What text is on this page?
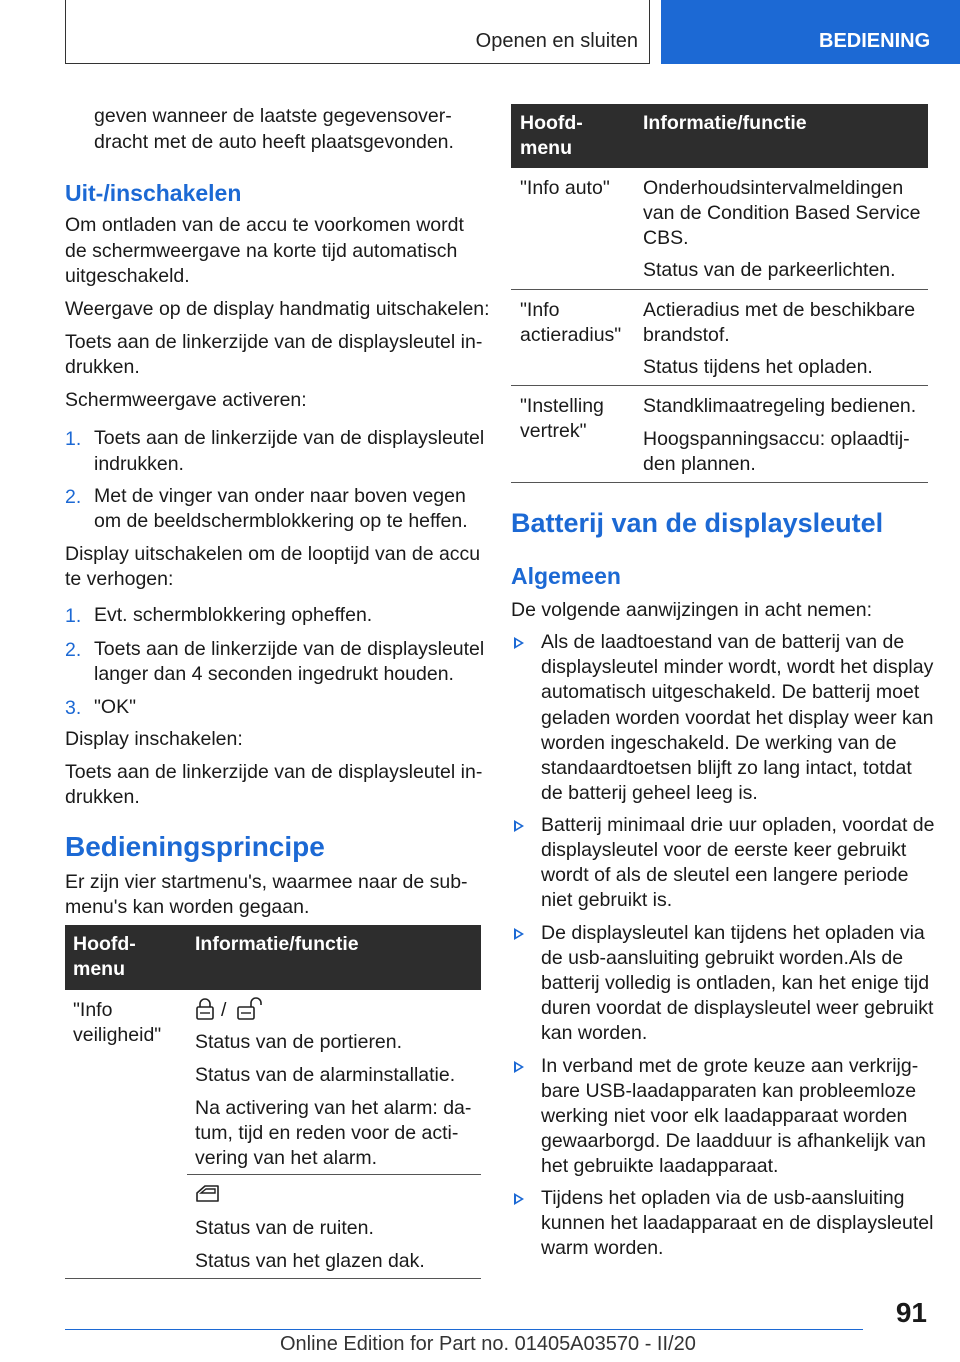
Openen en sluiten	BEDIENING
geven wanneer de laatste gegevensover-
dracht met de auto heeft plaatsgevonden.
Uit-/inschakelen
Om ontladen van de accu te voorkomen wordt
de schermweergave na korte tijd automatisch
uitgeschakeld.
Weergave op de display handmatig uitschakelen:
Toets aan de linkerzijde van de displaysleutel in-
drukken.
Schermweergave activeren:
1. Toets aan de linkerzijde van de displaysleutel
indrukken.
2. Met de vinger van onder naar boven vegen
om de beeldschermblokkering op te heffen.
Display uitschakelen om de looptijd van de accu
te verhogen:
1. Evt. schermblokkering opheffen.
2. Toets aan de linkerzijde van de displaysleutel
langer dan 4 seconden ingedrukt houden.
3. "OK"
Display inschakelen:
Toets aan de linkerzijde van de displaysleutel in-
drukken.
Bedieningsprincipe
Er zijn vier startmenu's, waarmee naar de sub-
menu's kan worden gegaan.
Hoofd-
menu
Informatie/functie
"Info
veiligheid"
/
Status van de portieren.
Status van de alarminstallatie.
Na activering van het alarm: da-
tum, tijd en reden voor de acti-
vering van het alarm.
Status van de ruiten.
Status van het glazen dak.
Hoofd-
menu
Informatie/functie
"Info auto" Onderhoudsintervalmeldingen
van de Condition Based Service
CBS.
Status van de parkeerlichten.
"Info
actieradius"
Actieradius met de beschikbare
brandstof.
Status tijdens het opladen.
"Instelling
vertrek"
Standklimaatregeling bedienen.
Hoogspanningsaccu: oplaadtij-
den plannen.
Batterij van de displaysleutel
Algemeen
De volgende aanwijzingen in acht nemen:
Als de laadtoestand van de batterij van de
displaysleutel minder wordt, wordt het display
automatisch uitgeschakeld. De batterij moet
geladen worden voordat het display weer kan
worden ingeschakeld. De werking van de
standaardtoetsen blijft zo lang intact, totdat
de batterij geheel leeg is.
Batterij minimaal drie uur opladen, voordat de
displaysleutel voor de eerste keer gebruikt
wordt of als de sleutel een langere periode
niet gebruikt is.
De displaysleutel kan tijdens het opladen via
de usb-aansluiting gebruikt worden.Als de
batterij volledig is ontladen, kan het enige tijd
duren voordat de displaysleutel weer gebruikt
kan worden.
In verband met de grote keuze aan verkrijg-
bare USB-laadapparaten kan probleemloze
werking niet voor elk laadapparaat worden
gewaarborgd. De laadduur is afhankelijk van
het gebruikte laadapparaat.
Tijdens het opladen via de usb-aansluiting
kunnen het laadapparaat en de displaysleutel
warm worden.
91
Online Edition for Part no. 01405A03570 - II/20
